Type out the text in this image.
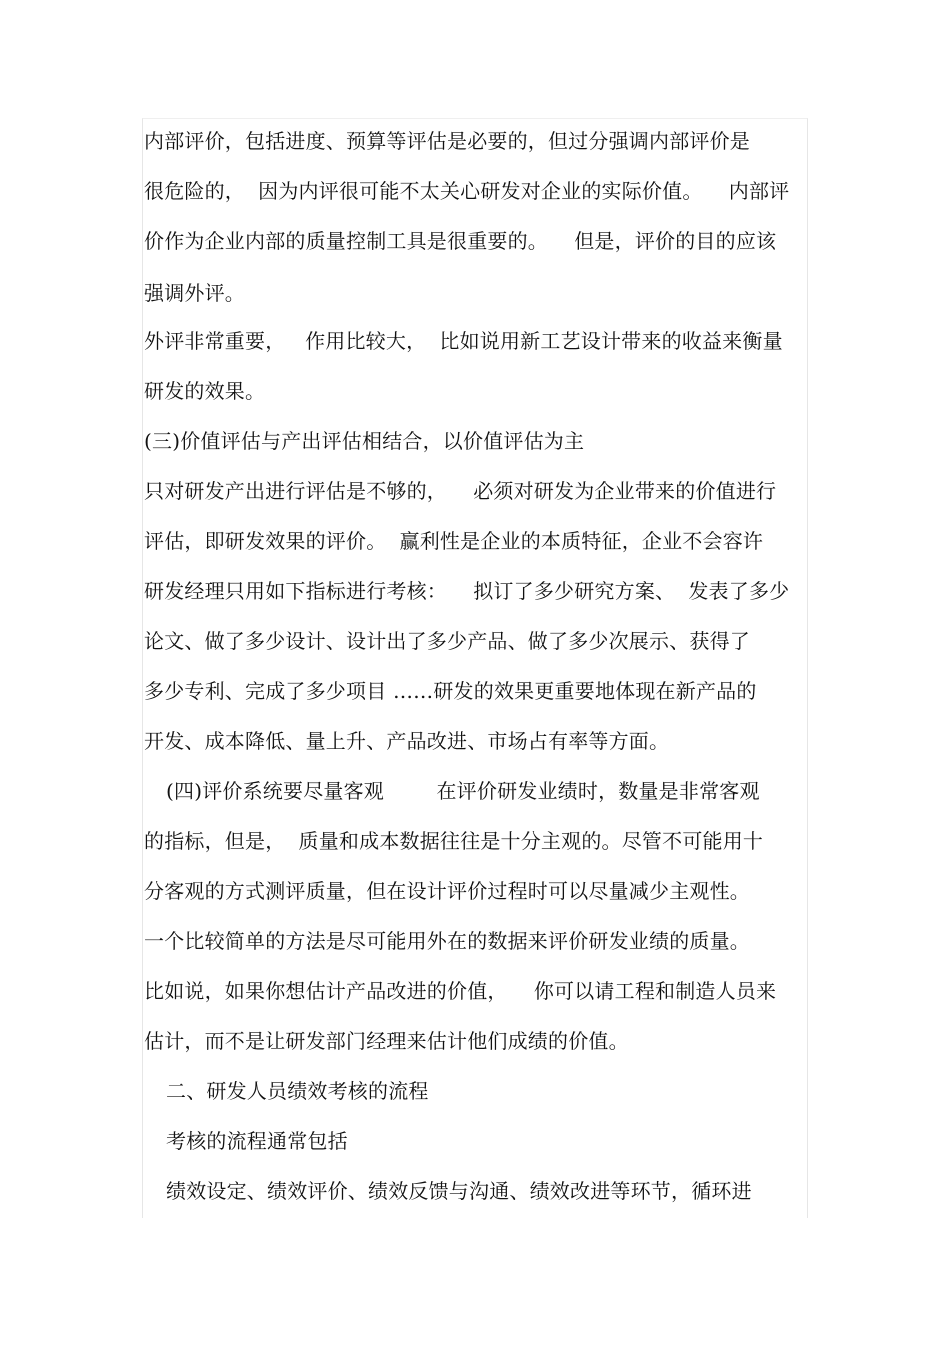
内部评价，包括进度、预算等评估是必要的，但过分强调内部评价是
很危险的，  因为内评很可能不太关心研发对企业的实际价值。    内部评
价作为企业内部的质量控制工具是很重要的。    但是，评价的目的应该
强调外评。
外评非常重要，   作用比较大，  比如说用新工艺设计带来的收益来衡量
研发的效果。
(三)价值评估与产出评估相结合，以价值评估为主
只对研发产出进行评估是不够的，    必须对研发为企业带来的价值进行
评估，即研发效果的评价。  赢利性是企业的本质特征，企业不会容许
研发经理只用如下指标进行考核：    拟订了多少研究方案、  发表了多少
论文、做了多少设计、设计出了多少产品、做了多少次展示、获得了
多少专利、完成了多少项目 ……研发的效果更重要地体现在新产品的
开发、成本降低、量上升、产品改进、市场占有率等方面。
(四)评价系统要尽量客观        在评价研发业绩时，数量是非常客观
的指标，但是，  质量和成本数据往往是十分主观的。尽管不可能用十
分客观的方式测评质量，但在设计评价过程时可以尽量减少主观性。
一个比较简单的方法是尽可能用外在的数据来评价研发业绩的质量。
比如说，如果你想估计产品改进的价值，    你可以请工程和制造人员来
估计，而不是让研发部门经理来估计他们成绩的价值。
二、研发人员绩效考核的流程
考核的流程通常包括
绩效设定、绩效评价、绩效反馈与沟通、绩效改进等环节，循环进
